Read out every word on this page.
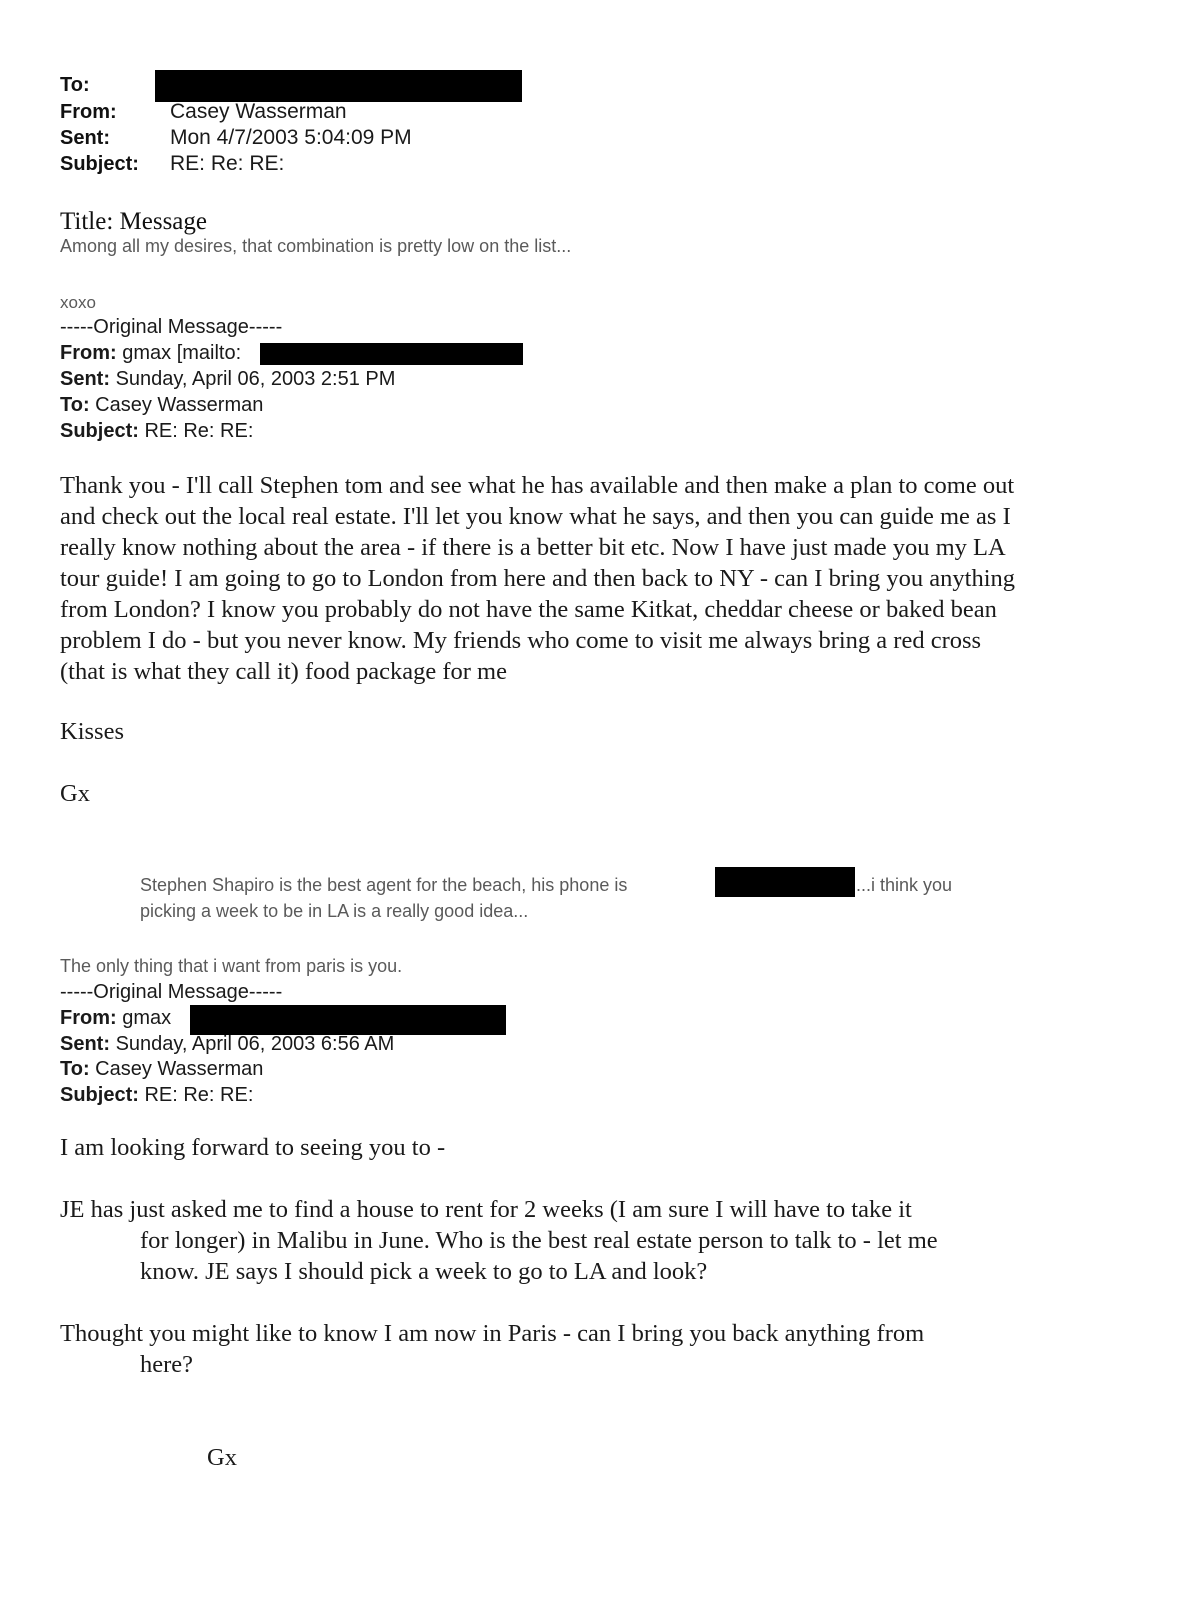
To:
From:	Casey Wasserman
Sent:	Mon 4/7/2003 5:04:09 PM
Subject: RE: Re: RE:
Title: Message
Among all my desires, that combination is pretty low on the list...
xoxo
-----Original Message-----
From: gmax [mailto:
Sent: Sunday, April 06, 2003 2:51 PM
To: Casey Wasserman
Subject: RE: Re: RE:
Thank you - I'll call Stephen tom and see what he has available and then make a plan to come out
and check out the local real estate. I'll let you know what he says, and then you can guide me as I
really know nothing about the area - if there is a better bit etc. Now I have just made you my LA
tour guide! I am going to go to London from here and then back to NY - can I bring you anything
from London? I know you probably do not have the same Kitkat, cheddar cheese or baked bean
problem I do - but you never know. My friends who come to visit me always bring a red cross
(that is what they call it) food package for me
Kisses
Gx
Stephen Shapiro is the best agent for the beach, his phone is	...i think you
picking a week to be in LA is a really good idea...
The only thing that i want from paris is you.
-----Original Message-----
From: gmax
Sent: Sunday, April 06, 2003 6:56 AM
To: Casey Wasserman
Subject: RE: Re: RE:
I am looking forward to seeing you to -
JE has just asked me to find a house to rent for 2 weeks (I am sure I will have to take it
for longer) in Malibu in June. Who is the best real estate person to talk to - let me
know. JE says I should pick a week to go to LA and look?
Thought you might like to know I am now in Paris - can I bring you back anything from
here?
Gx
